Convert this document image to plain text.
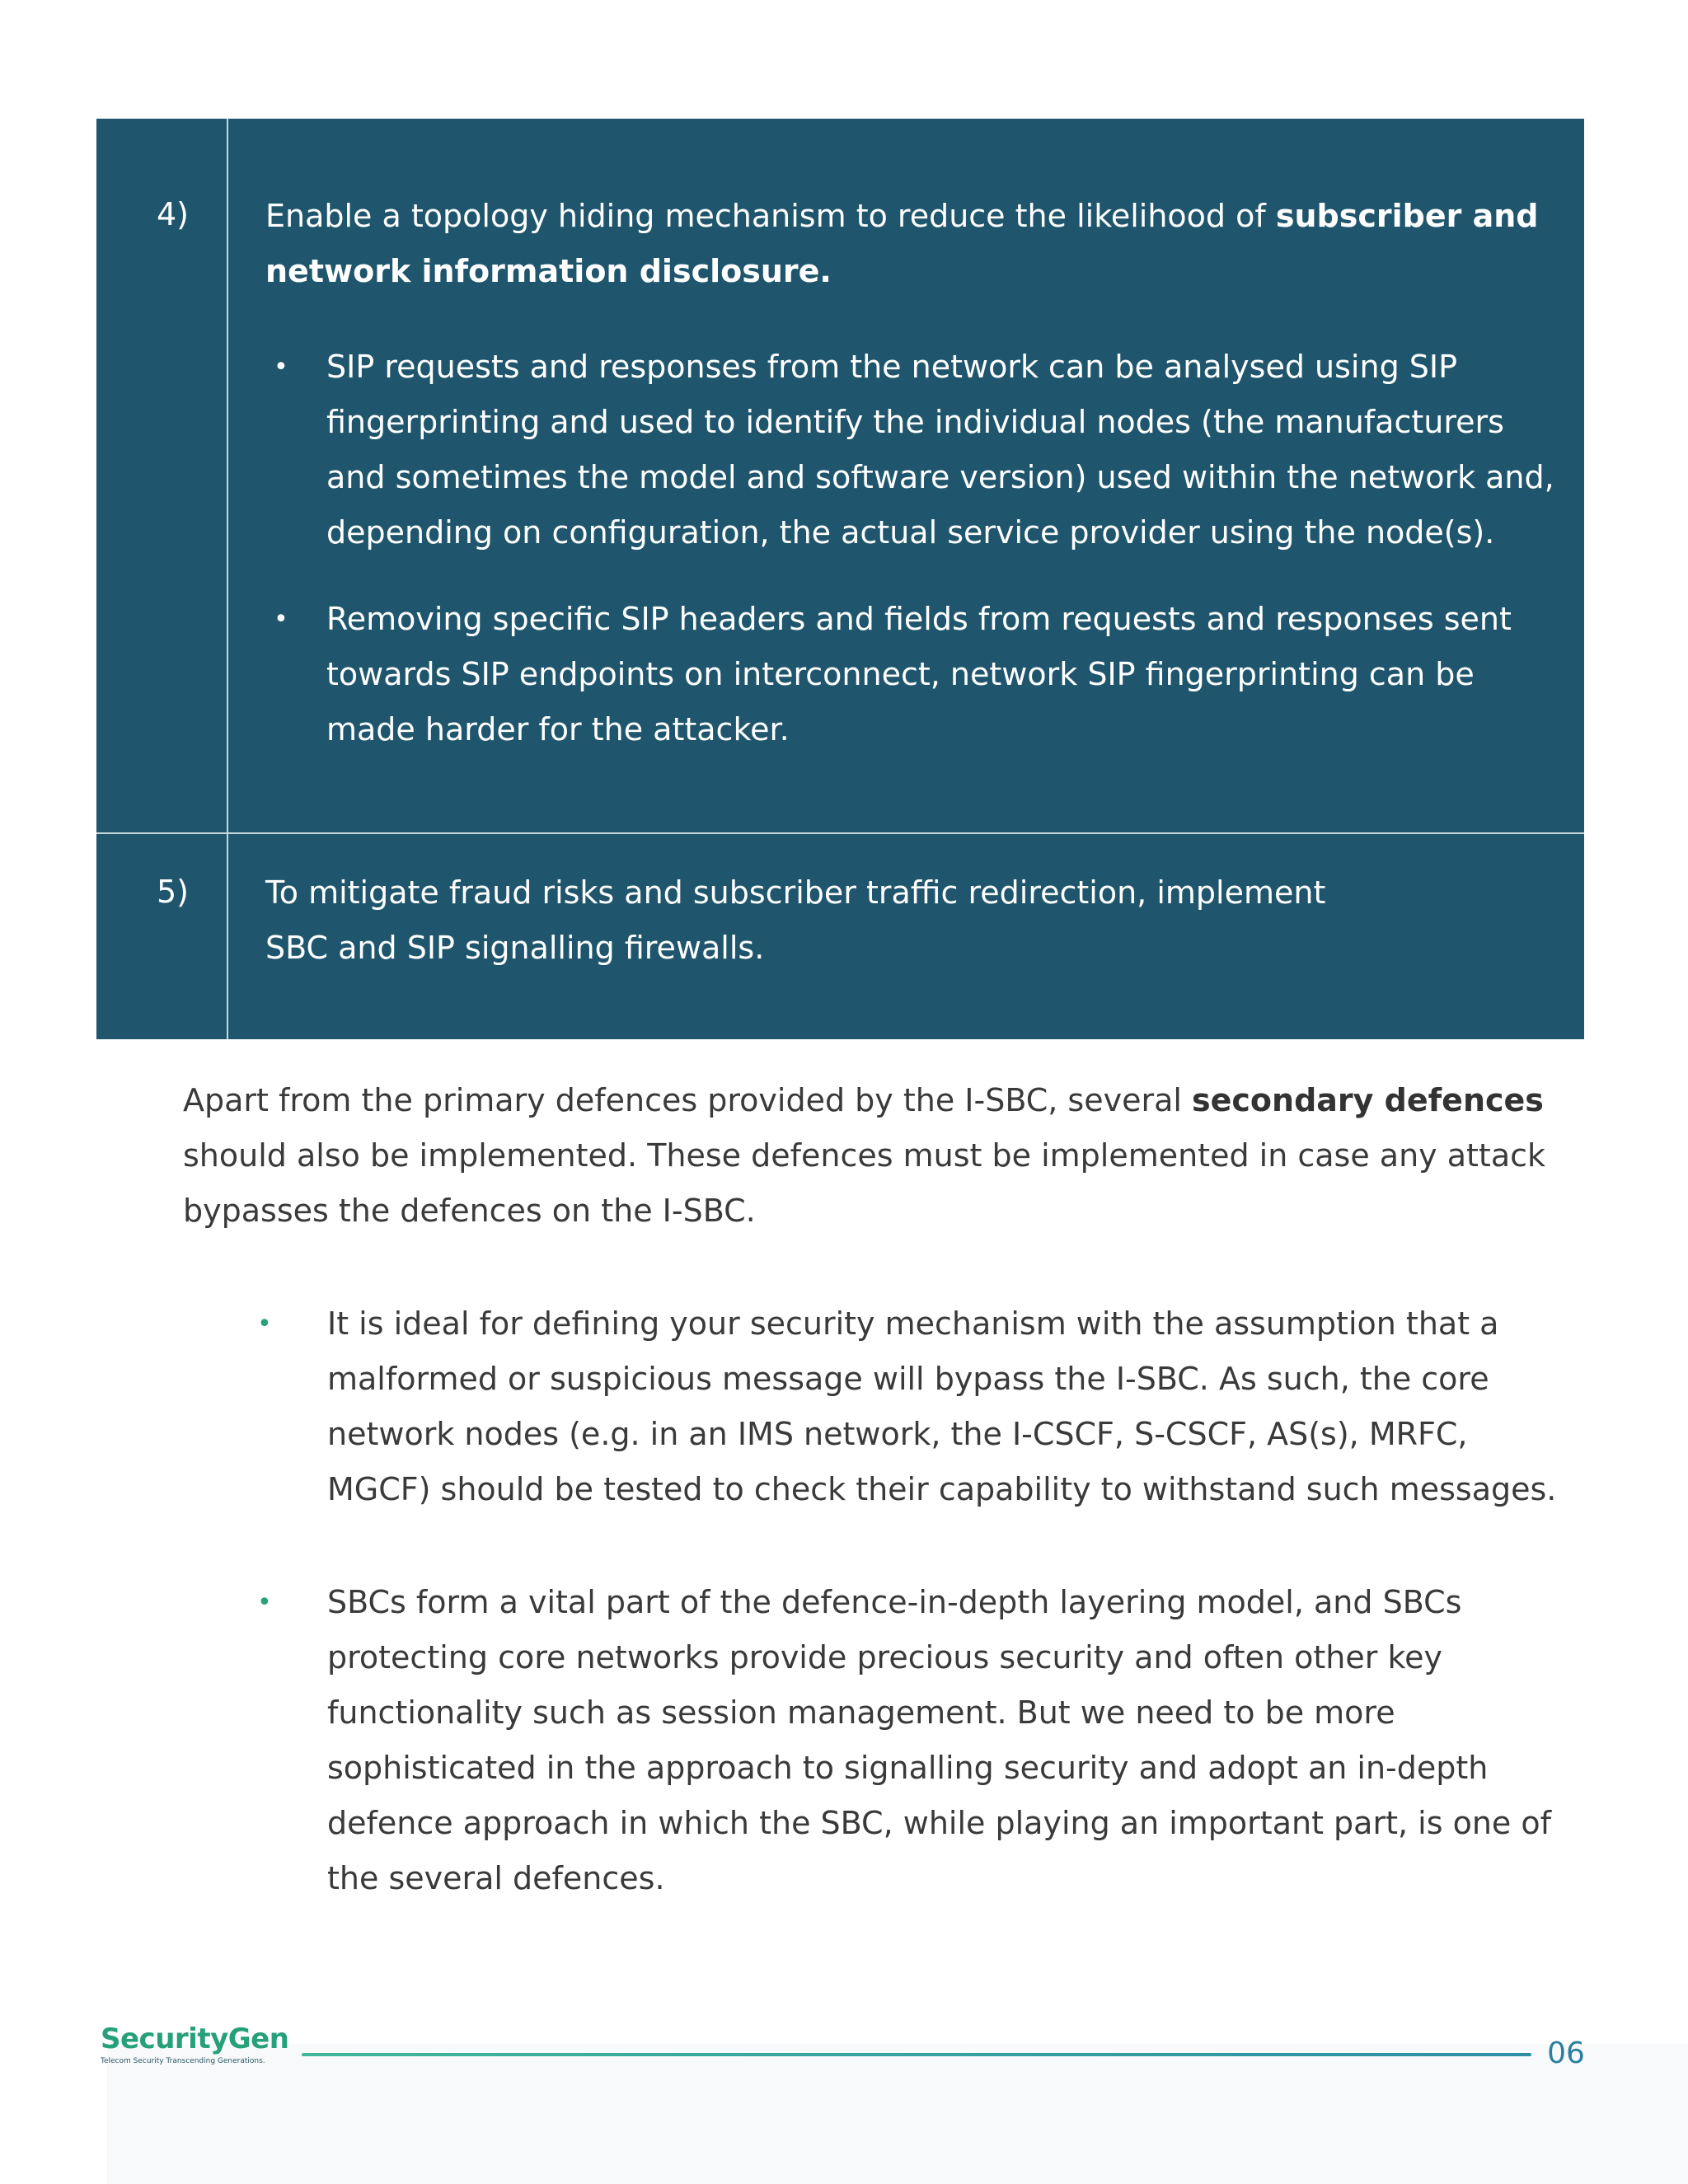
4) Enable a topology hiding mechanism to reduce the likelihood of subscriber and network information disclosure.
• SIP requests and responses from the network can be analysed using SIP fingerprinting and used to identify the individual nodes (the manufacturers and sometimes the model and software version) used within the network and, depending on configuration, the actual service provider using the node(s).
• Removing specific SIP headers and fields from requests and responses sent towards SIP endpoints on interconnect, network SIP fingerprinting can be made harder for the attacker.
5) To mitigate fraud risks and subscriber traffic redirection, implement
SBC and SIP signalling firewalls.

Apart from the primary defences provided by the I-SBC, several secondary defences should also be implemented. These defences must be implemented in case any attack bypasses the defences on the I-SBC.

• It is ideal for defining your security mechanism with the assumption that a malformed or suspicious message will bypass the I-SBC. As such, the core network nodes (e.g. in an IMS network, the I-CSCF, S-CSCF, AS(s), MRFC, MGCF) should be tested to check their capability to withstand such messages.
• SBCs form a vital part of the defence-in-depth layering model, and SBCs protecting core networks provide precious security and often other key functionality such as session management. But we need to be more sophisticated in the approach to signalling security and adopt an in-depth defence approach in which the SBC, while playing an important part, is one of the several defences.
SecurityGen
Telecom Security Transcending Generations.	06
